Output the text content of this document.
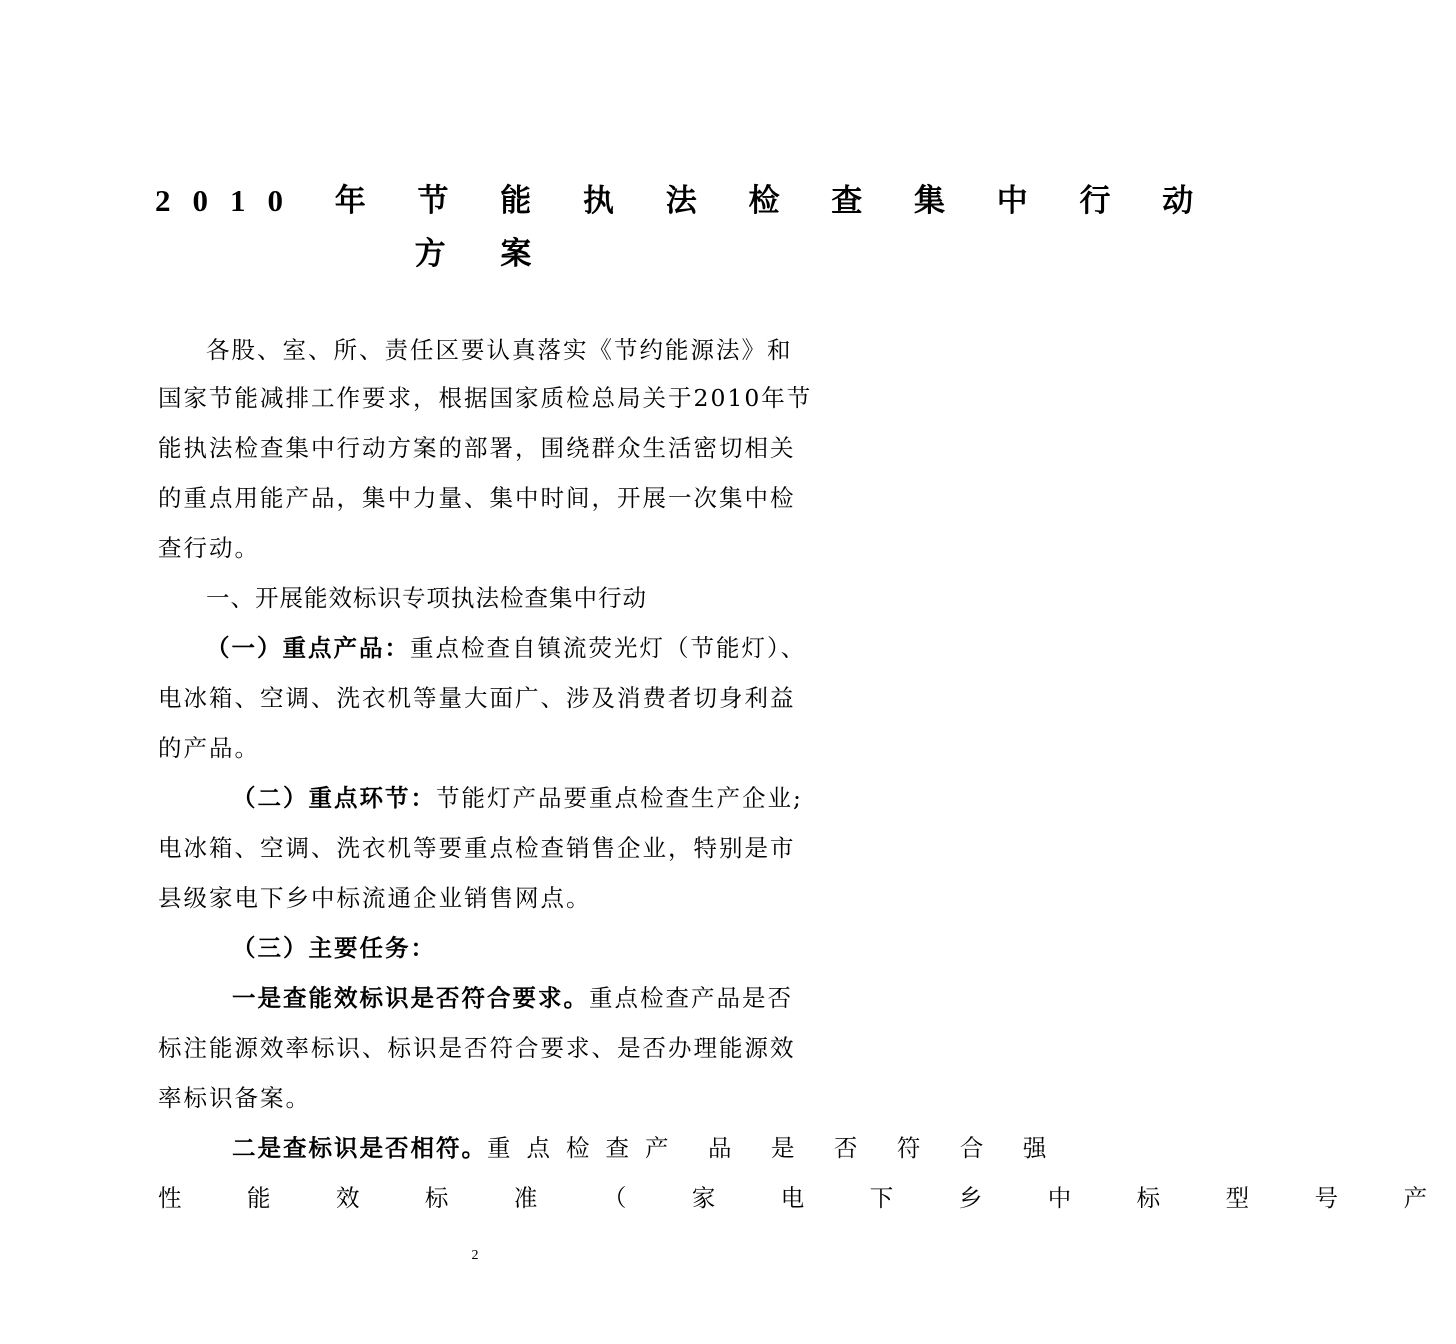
2010 年 节 能 执 法 检 查 集 中 行 动
方 案
各股、室、所、责任区要认真落实《节约能源法》和
国家节能减排工作要求，根据国家质检总局关于2010年节
能执法检查集中行动方案的部署，围绕群众生活密切相关
的重点用能产品，集中力量、集中时间，开展一次集中检
查行动。
一、开展能效标识专项执法检查集中行动
（一）重点产品：重点检查自镇流荧光灯（节能灯）、
电冰箱、空调、洗衣机等量大面广、涉及消费者切身利益
的产品。
（二）重点环节：节能灯产品要重点检查生产企业;
电冰箱、空调、洗衣机等要重点检查销售企业，特别是市
县级家电下乡中标流通企业销售网点。
（三）主要任务：
一是查能效标识是否符合要求。重点检查产品是否
标注能源效率标识、标识是否符合要求、是否办理能源效
率标识备案。
二是查标识是否相符。重点检查产 品 是 否 符 合 强
性 能 效 标 准 （ 家 电 下 乡 中 标 型 号 产
2
